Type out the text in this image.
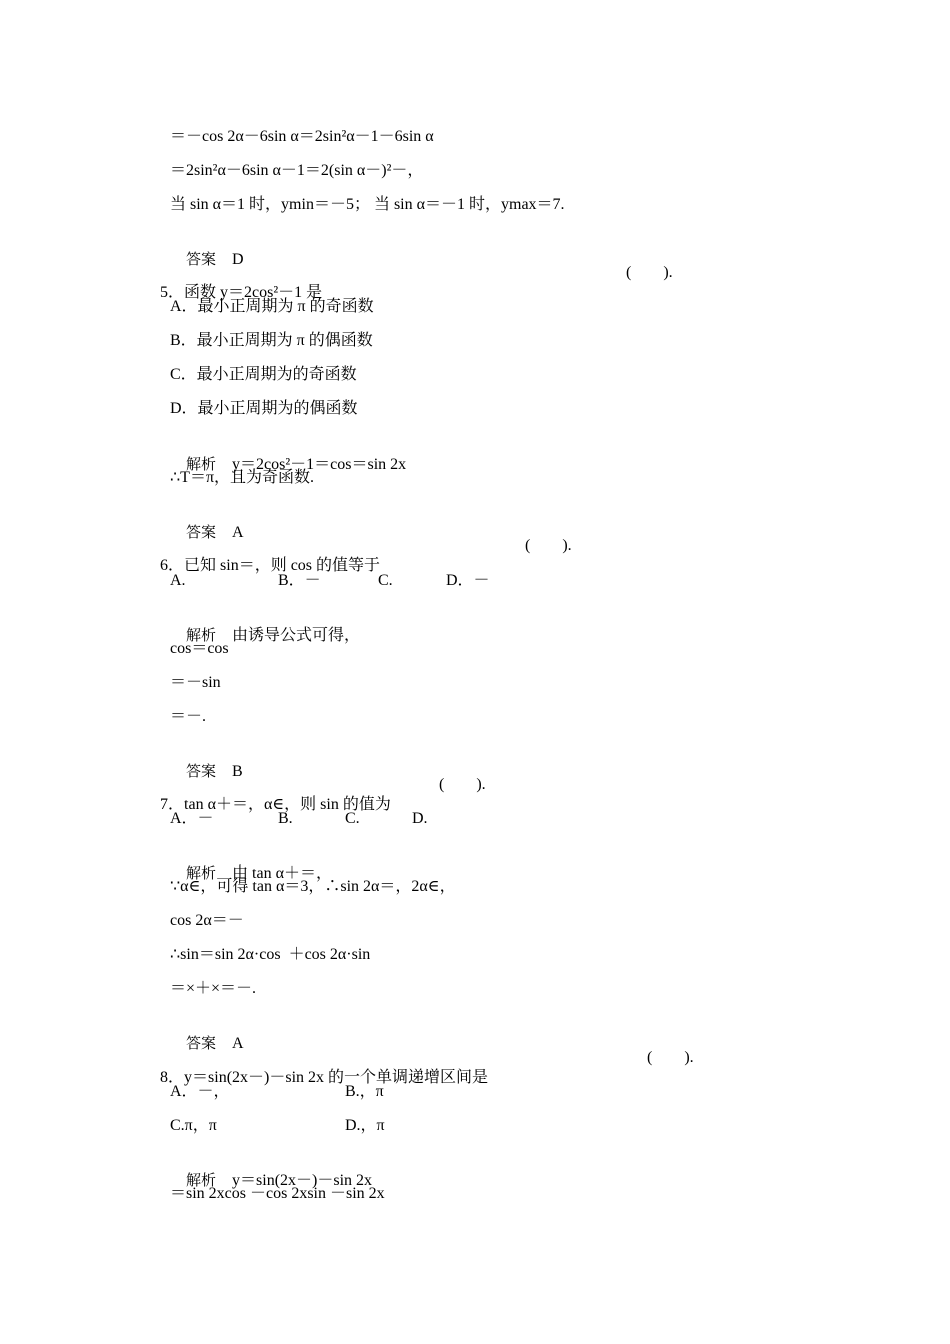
＝－cos 2α－6sin α＝2sin²α－1－6sin α
＝2sin²α－6sin α－1＝2(sin α－)²－，
当 sin α＝1 时，ymin＝－5； 当 sin α＝－1 时，ymax＝7.

答案 D

5．函数 y＝2cos²－1 是

(　　).
A．最小正周期为 π 的奇函数
B．最小正周期为 π 的偶函数
C．最小正周期为的奇函数
D．最小正周期为的偶函数

解析 y＝2cos²－1＝cos＝sin 2x

∴T＝π，且为奇函数.

答案 A

6．已知 sin＝，则 cos 的值等于

(　　).
A.	B．－	C.	D．－

解析 由诱导公式可得，

cos＝cos
＝－sin
＝－.

答案 B

7．tan α＋＝，α∈，则 sin 的值为

(　　).
A．－	B.	C.	D.

解析 由 tan α＋＝，

∵α∈，可得 tan α＝3，∴sin 2α＝，2α∈，
cos 2α＝－
∴sin＝sin 2α·cos  ＋cos 2α·sin
＝×＋×＝－.

答案 A

8．y＝sin(2x－)－sin 2x 的一个单调递增区间是

(　　).
A．－，	B.，π
C.π，π	D.，π

解析 y＝sin(2x－)－sin 2x

＝sin 2xcos －cos 2xsin －sin 2x
